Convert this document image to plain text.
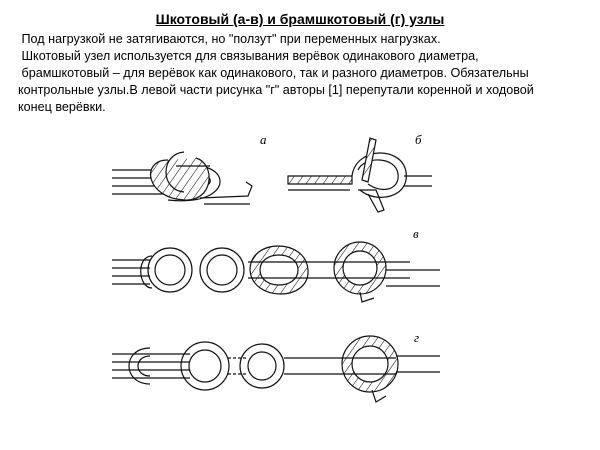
Шкотовый (а-в) и брамшкотовый (г) узлы
Под нагрузкой не затягиваются, но "ползут" при переменных нагрузках.
Шкотовый узел используется для связывания верёвок одинакового диаметра,
брамшкотовый – для верёвок как одинакового, так и разного диаметров. Обязательны
контрольные узлы.В левой части рисунка "г" авторы [1] перепутали коренной и ходовой
конец верёвки.
а	б
в
г
